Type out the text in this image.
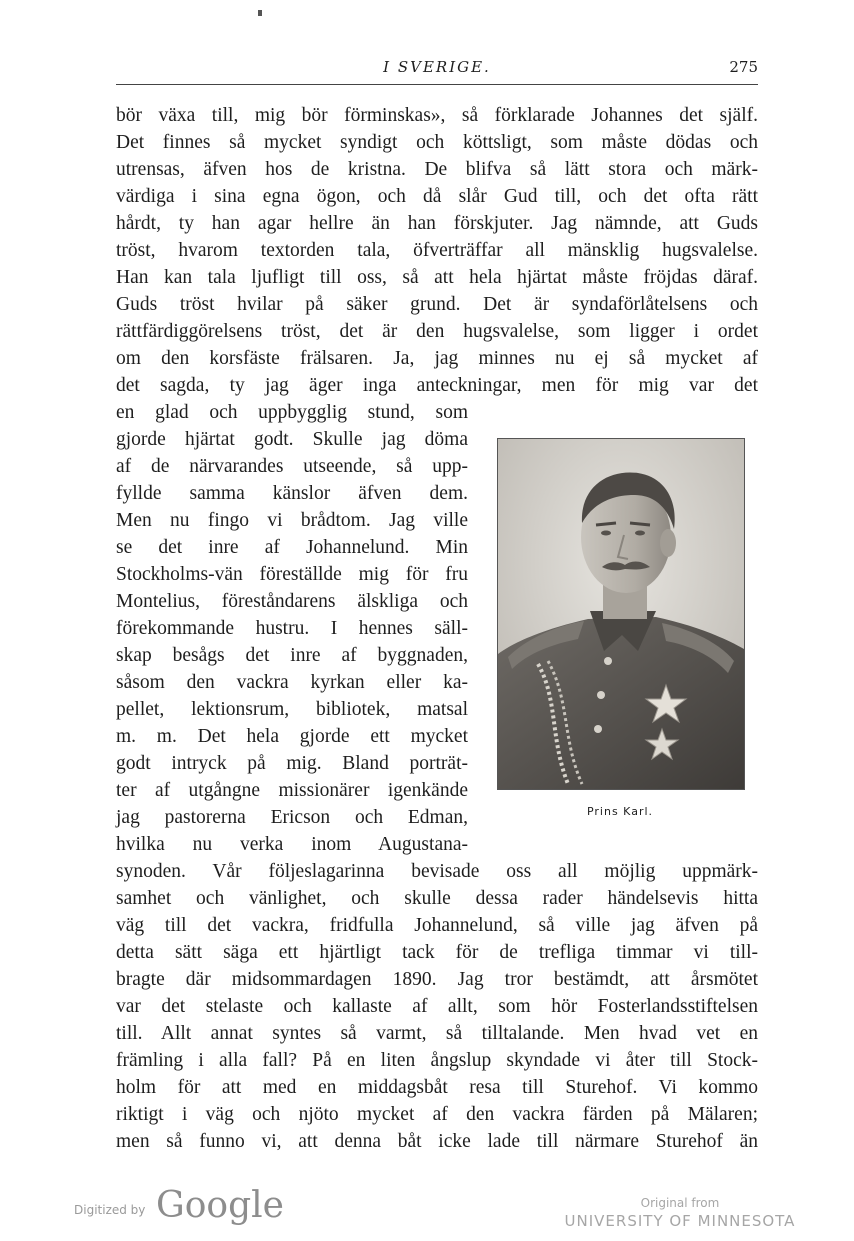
I SVERIGE.	275
bör växa till, mig bör förminskas», så förklarade Johannes det själf.
Det finnes så mycket syndigt och köttsligt, som måste dödas och
utrensas, äfven hos de kristna. De blifva så lätt stora och märk-
värdiga i sina egna ögon, och då slår Gud till, och det ofta rätt
hårdt, ty han agar hellre än han förskjuter. Jag nämnde, att Guds
tröst, hvarom textorden tala, öfverträffar all mänsklig hugsvalelse.
Han kan tala ljufligt till oss, så att hela hjärtat måste fröjdas däraf.
Guds tröst hvilar på säker grund. Det är syndaförlåtelsens och
rättfärdiggörelsens tröst, det är den hugsvalelse, som ligger i ordet
om den korsfäste frälsaren. Ja, jag minnes nu ej så mycket af
det sagda, ty jag äger inga anteckningar, men för mig var det
en glad och uppbygglig stund, som
gjorde hjärtat godt. Skulle jag döma
af de närvarandes utseende, så upp-
fyllde samma känslor äfven dem.
Men nu fingo vi brådtom. Jag ville
se det inre af Johannelund. Min
Stockholms-vän föreställde mig för fru
Montelius, föreståndarens älskliga och
förekommande hustru. I hennes säll-
skap besågs det inre af byggnaden,
såsom den vackra kyrkan eller ka-
pellet, lektionsrum, bibliotek, matsal
m. m. Det hela gjorde ett mycket
godt intryck på mig. Bland porträt-
ter af utgångne missionärer igenkände
jag pastorerna Ericson och Edman,
hvilka nu verka inom Augustana-
synoden. Vår följeslagarinna bevisade oss all möjlig uppmärk-
samhet och vänlighet, och skulle dessa rader händelsevis hitta
väg till det vackra, fridfulla Johannelund, så ville jag äfven på
detta sätt säga ett hjärtligt tack för de trefliga timmar vi till-
bragte där midsommardagen 1890. Jag tror bestämdt, att årsmötet
var det stelaste och kallaste af allt, som hör Fosterlandsstiftelsen
till. Allt annat syntes så varmt, så tilltalande. Men hvad vet en
främling i alla fall? På en liten ångslup skyndade vi åter till Stock-
holm för att med en middagsbåt resa till Sturehof. Vi kommo
riktigt i väg och njöto mycket af den vackra färden på Mälaren;
men så funno vi, att denna båt icke lade till närmare Sturehof än
Prins Karl.
Digitized by Google	Original from
UNIVERSITY OF MINNESOTA
